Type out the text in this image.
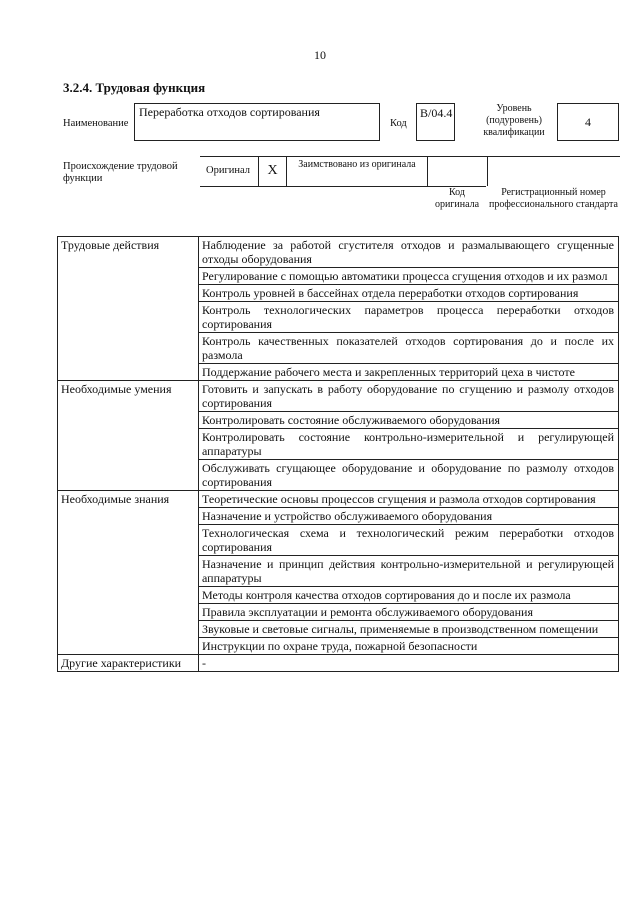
10
3.2.4. Трудовая функция
Наименование
Переработка отходов сортирования
Код
B/04.4	Уровень (подуровень) квалификации
4
Происхождение трудовой функции
Оригинал	X	Заимствовано из оригинала
Код оригинала
Регистрационный номер профессионального стандарта
Трудовые действия	Наблюдение за работой сгустителя отходов и размалывающего сгущенные отходы оборудования
	Регулирование с помощью автоматики процесса сгущения отходов и их размол
	Контроль уровней в бассейнах отдела переработки отходов сортирования
	Контроль технологических параметров процесса переработки отходов сортирования
	Контроль качественных показателей отходов сортирования до и после их размола
	Поддержание рабочего места и закрепленных территорий цеха в чистоте
Необходимые умения	Готовить и запускать в работу оборудование по сгущению и размолу отходов сортирования
	Контролировать состояние обслуживаемого оборудования
	Контролировать состояние контрольно-измерительной и регулирующей аппаратуры
	Обслуживать сгущающее оборудование и оборудование по размолу отходов сортирования
Необходимые знания	Теоретические основы процессов сгущения и размола отходов сортирования
	Назначение и устройство обслуживаемого оборудования
	Технологическая схема и технологический режим переработки отходов сортирования
	Назначение и принцип действия контрольно-измерительной и регулирующей аппаратуры
	Методы контроля качества отходов сортирования до и после их размола
	Правила эксплуатации и ремонта обслуживаемого оборудования
	Звуковые и световые сигналы, применяемые в производственном помещении
	Инструкции по охране труда, пожарной безопасности
Другие характеристики	-
